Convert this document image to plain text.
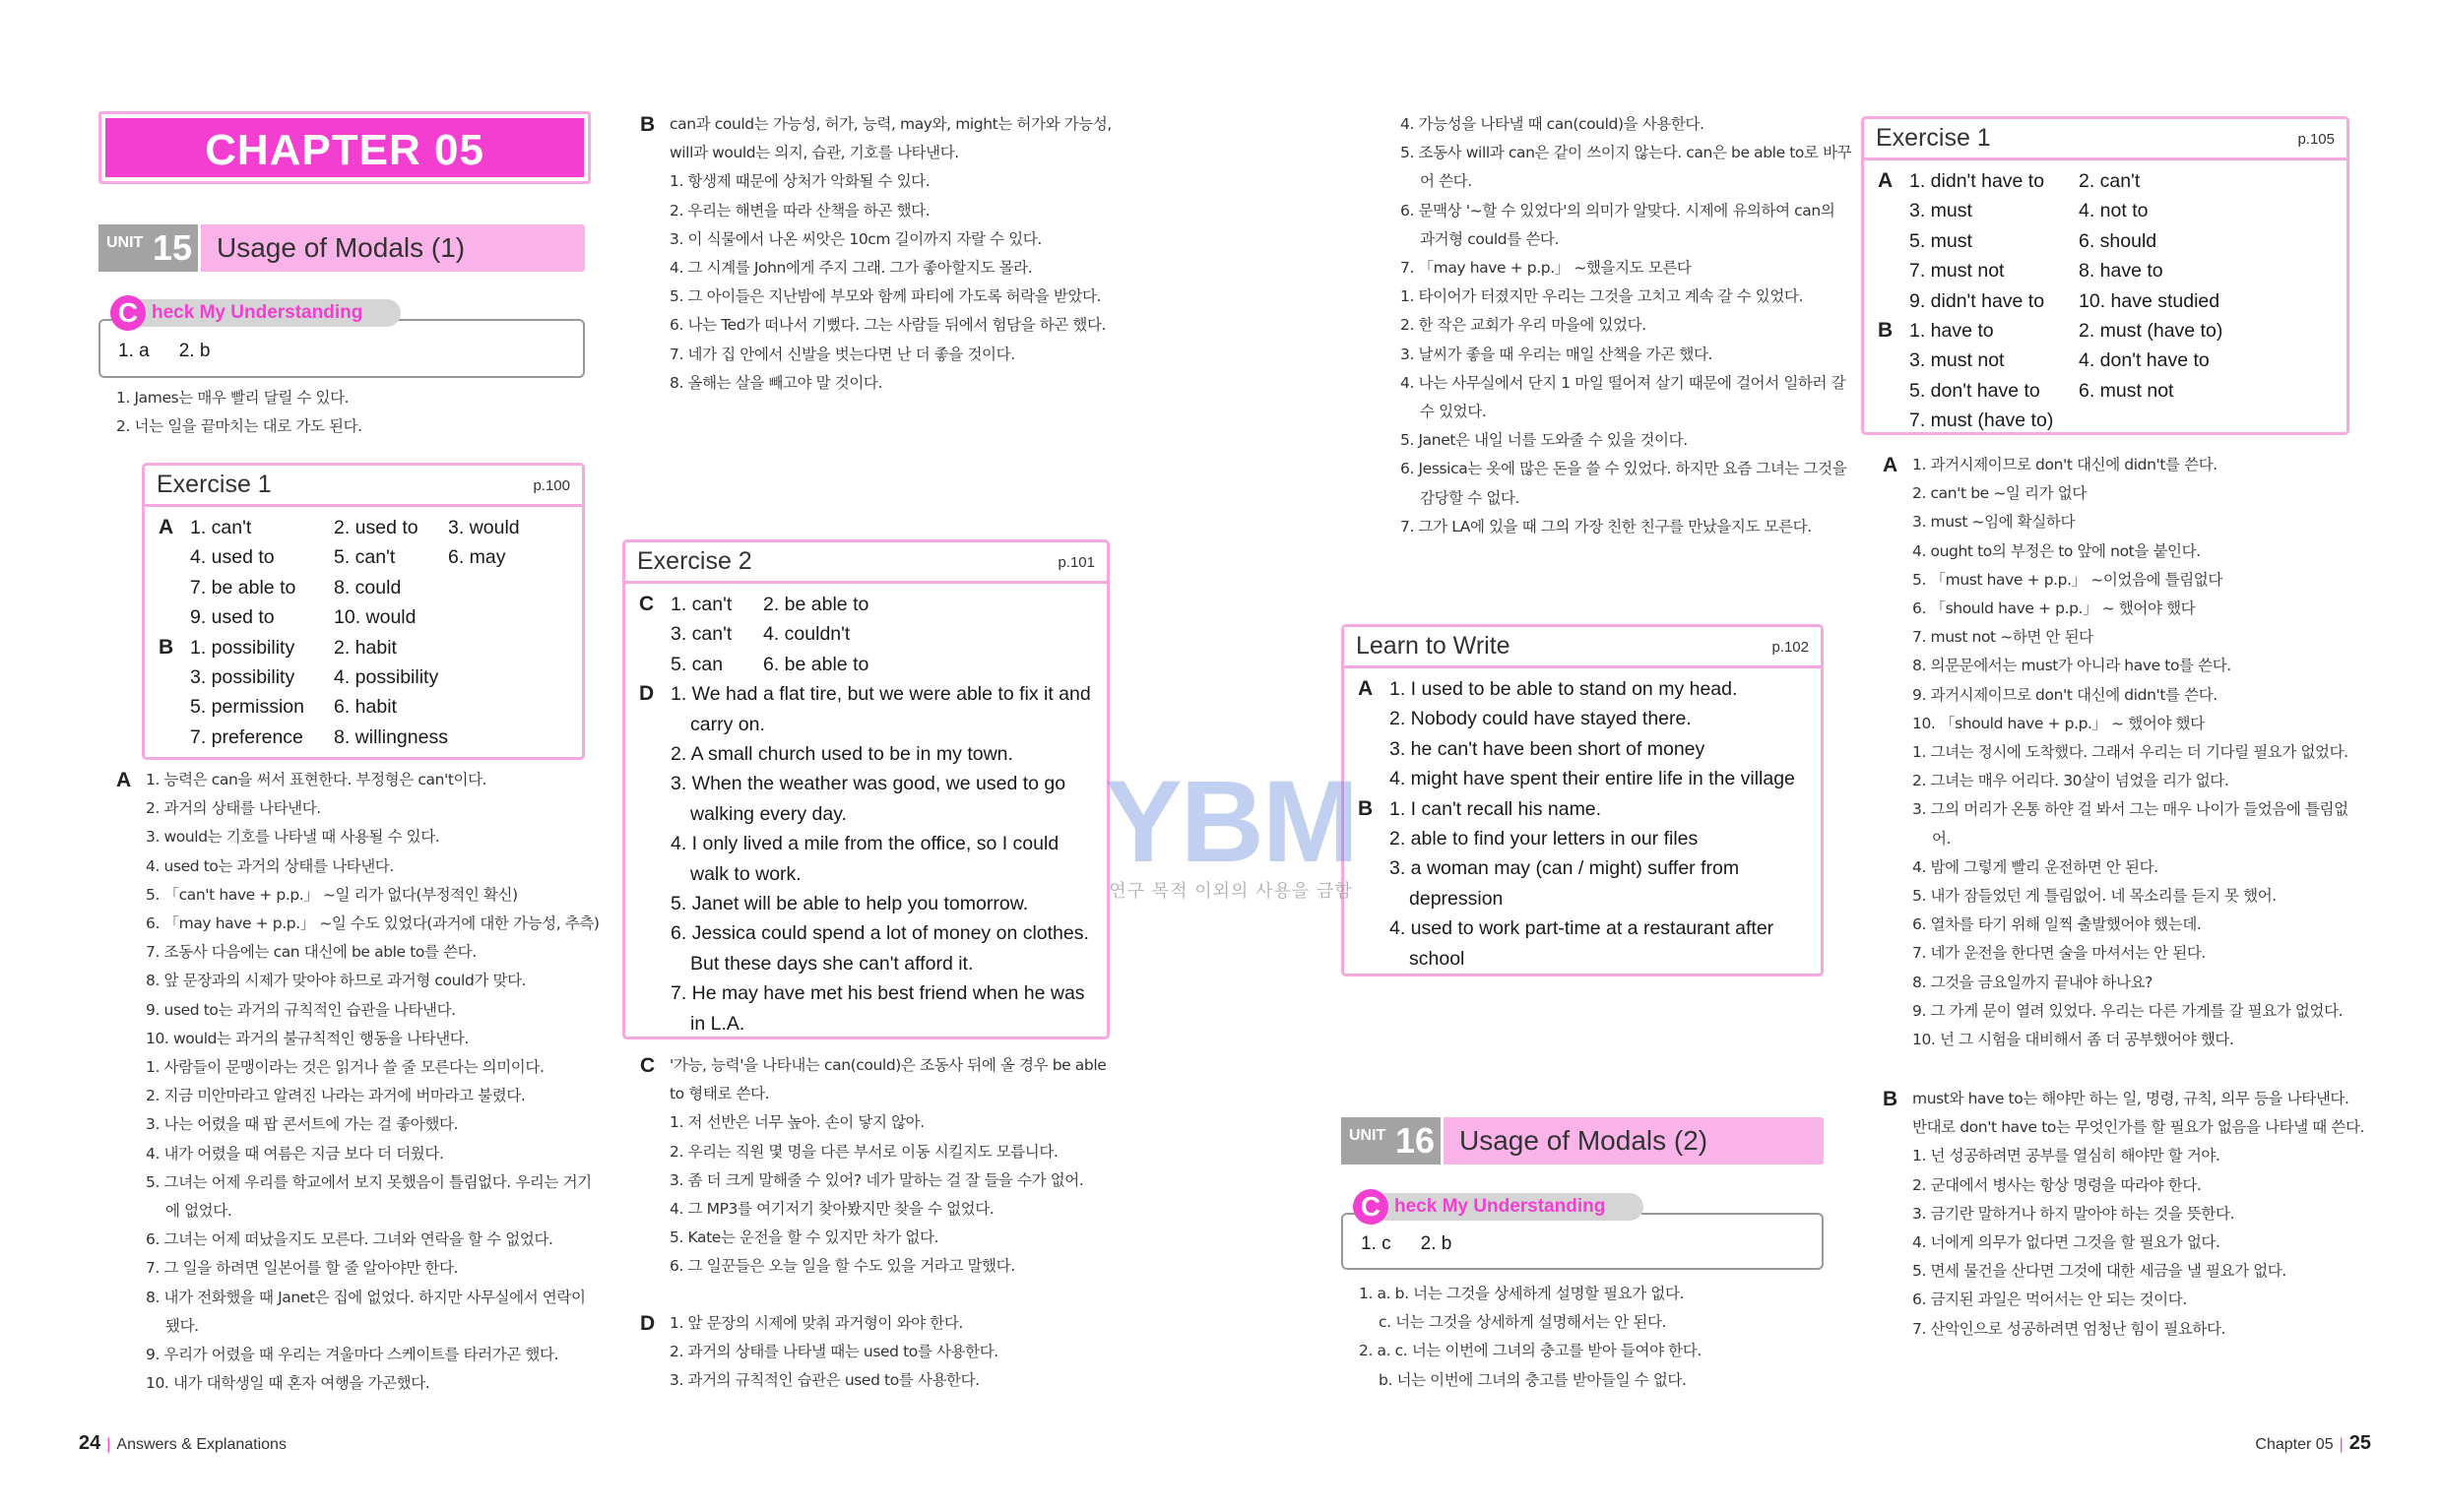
CHAPTER 05
UNIT 15 Usage of Modals (1)
C heck My Understanding
1. a 2. b
1. James는 매우 빨리 달릴 수 있다.
2. 너는 일을 끝마치는 대로 가도 된다.
Exercise 1	p.100
A 1. can't	2. used to 3. would
4. used to	5. can't	6. may
7. be able to 8. could
9. used to	10. would
B 1. possibility 2. habit
3. possibility 4. possibility
5. permission 6. habit
7. preference 8. willingness
A 1. 능력은 can을 써서 표현한다. 부정형은 can't이다.
2. 과거의 상태를 나타낸다.
3. would는 기호를 나타낼 때 사용될 수 있다.
4. used to는 과거의 상태를 나타낸다.
5. 「can't have + p.p.」 ~일 리가 없다(부정적인 확신)
6. 「may have + p.p.」 ~일 수도 있었다(과거에 대한 가능성, 추측)
7. 조동사 다음에는 can 대신에 be able to를 쓴다.
8. 앞 문장과의 시제가 맞아야 하므로 과거형 could가 맞다.
9. used to는 과거의 규칙적인 습관을 나타낸다.
10. would는 과거의 불규칙적인 행동을 나타낸다.
1. 사람들이 문맹이라는 것은 읽거나 쓸 줄 모른다는 의미이다.
2. 지금 미안마라고 알려진 나라는 과거에 버마라고 불렸다.
3. 나는 어렸을 때 팝 콘서트에 가는 걸 좋아했다.
4. 내가 어렸을 때 여름은 지금 보다 더 더웠다.
5. 그녀는 어제 우리를 학교에서 보지 못했음이 틀림없다. 우리는 거기에 없었다.
6. 그녀는 어제 떠났을지도 모른다. 그녀와 연락을 할 수 없었다.
7. 그 일을 하려면 일본어를 할 줄 알아야만 한다.
8. 내가 전화했을 때 Janet은 집에 없었다. 하지만 사무실에서 연락이 됐다.
9. 우리가 어렸을 때 우리는 겨울마다 스케이트를 타러가곤 했다.
10. 내가 대학생일 때 혼자 여행을 가곤했다.
B can과 could는 가능성, 허가, 능력, may와, might는 허가와 가능성, will과 would는 의지, 습관, 기호를 나타낸다.
1. 항생제 때문에 상처가 악화될 수 있다.
2. 우리는 해변을 따라 산책을 하곤 했다.
3. 이 식물에서 나온 씨앗은 10cm 길이까지 자랄 수 있다.
4. 그 시계를 John에게 주지 그래. 그가 좋아할지도 몰라.
5. 그 아이들은 지난밤에 부모와 함께 파티에 가도록 허락을 받았다.
6. 나는 Ted가 떠나서 기뻤다. 그는 사람들 뒤에서 험담을 하곤 했다.
7. 네가 집 안에서 신발을 벗는다면 난 더 좋을 것이다.
8. 올해는 살을 빼고야 말 것이다.
Exercise 2	p.101
C 1. can't 2. be able to
3. can't 4. couldn't
5. can 6. be able to
D 1. We had a flat tire, but we were able to fix it and carry on.
2. A small church used to be in my town.
3. When the weather was good, we used to go walking every day.
4. I only lived a mile from the office, so I could walk to work.
5. Janet will be able to help you tomorrow.
6. Jessica could spend a lot of money on clothes. But these days she can't afford it.
7. He may have met his best friend when he was in L.A.
C '가능, 능력'을 나타내는 can(could)은 조동사 뒤에 올 경우 be able to 형태로 쓴다.
1. 저 선반은 너무 높아. 손이 닿지 않아.
2. 우리는 직원 몇 명을 다른 부서로 이동 시킬지도 모릅니다.
3. 좀 더 크게 말해줄 수 있어? 네가 말하는 걸 잘 들을 수가 없어.
4. 그 MP3를 여기저기 찾아봤지만 찾을 수 없었다.
5. Kate는 운전을 할 수 있지만 차가 없다.
6. 그 일꾼들은 오늘 일을 할 수도 있을 거라고 말했다.
D 1. 앞 문장의 시제에 맞춰 과거형이 와야 한다.
2. 과거의 상태를 나타낼 때는 used to를 사용한다.
3. 과거의 규칙적인 습관은 used to를 사용한다.
24 | Answers & Explanations
4. 가능성을 나타낼 때 can(could)을 사용한다.
5. 조동사 will과 can은 같이 쓰이지 않는다. can은 be able to로 바꾸어 쓴다.
6. 문맥상 '~할 수 있었다'의 의미가 알맞다. 시제에 유의하여 can의 과거형 could를 쓴다.
7. 「may have + p.p.」 ~했을지도 모른다
1. 타이어가 터졌지만 우리는 그것을 고치고 계속 갈 수 있었다.
2. 한 작은 교회가 우리 마을에 있었다.
3. 날씨가 좋을 때 우리는 매일 산책을 가곤 했다.
4. 나는 사무실에서 단지 1 마일 떨어져 살기 때문에 걸어서 일하러 갈 수 있었다.
5. Janet은 내일 너를 도와줄 수 있을 것이다.
6. Jessica는 옷에 많은 돈을 쓸 수 있었다. 하지만 요즘 그녀는 그것을 감당할 수 없다.
7. 그가 LA에 있을 때 그의 가장 친한 친구를 만났을지도 모른다.
Learn to Write	p.102
A 1. I used to be able to stand on my head.
2. Nobody could have stayed there.
3. he can't have been short of money
4. might have spent their entire life in the village
B 1. I can't recall his name.
2. able to find your letters in our files
3. a woman may (can / might) suffer from depression
4. used to work part-time at a restaurant after school
UNIT 16 Usage of Modals (2)
C heck My Understanding
1. c 2. b
1. a. b. 너는 그것을 상세하게 설명할 필요가 없다.
c. 너는 그것을 상세하게 설명해서는 안 된다.
2. a. c. 너는 이번에 그녀의 충고를 받아 들여야 한다.
b. 너는 이번에 그녀의 충고를 받아들일 수 없다.
Exercise 1	p.105
A 1. didn't have to 2. can't
3. must	4. not to
5. must	6. should
7. must not	8. have to
9. didn't have to 10. have studied
B 1. have to	2. must (have to)
3. must not	4. don't have to
5. don't have to 6. must not
7. must (have to)
A 1. 과거시제이므로 don't 대신에 didn't를 쓴다.
2. can't be ~일 리가 없다
3. must ~임에 확실하다
4. ought to의 부정은 to 앞에 not을 붙인다.
5. 「must have + p.p.」 ~이었음에 틀림없다
6. 「should have + p.p.」 ~ 했어야 했다
7. must not ~하면 안 된다
8. 의문문에서는 must가 아니라 have to를 쓴다.
9. 과거시제이므로 don't 대신에 didn't를 쓴다.
10. 「should have + p.p.」 ~ 했어야 했다
1. 그녀는 정시에 도착했다. 그래서 우리는 더 기다릴 필요가 없었다.
2. 그녀는 매우 어리다. 30살이 넘었을 리가 없다.
3. 그의 머리가 온통 하얀 걸 봐서 그는 매우 나이가 들었음에 틀림없어.
4. 밤에 그렇게 빨리 운전하면 안 된다.
5. 내가 잠들었던 게 틀림없어. 네 목소리를 듣지 못 했어.
6. 열차를 타기 위해 일찍 출발했어야 했는데.
7. 네가 운전을 한다면 술을 마셔서는 안 된다.
8. 그것을 금요일까지 끝내야 하나요?
9. 그 가게 문이 열려 있었다. 우리는 다른 가게를 갈 필요가 없었다.
10. 넌 그 시험을 대비해서 좀 더 공부했어야 했다.
B must와 have to는 해야만 하는 일, 명령, 규칙, 의무 등을 나타낸다. 반대로 don't have to는 무엇인가를 할 필요가 없음을 나타낼 때 쓴다.
1. 넌 성공하려면 공부를 열심히 해야만 할 거야.
2. 군대에서 병사는 항상 명령을 따라야 한다.
3. 금기란 말하거나 하지 말아야 하는 것을 뜻한다.
4. 너에게 의무가 없다면 그것을 할 필요가 없다.
5. 면세 물건을 산다면 그것에 대한 세금을 낼 필요가 없다.
6. 금지된 과일은 먹어서는 안 되는 것이다.
7. 산악인으로 성공하려면 엄청난 힘이 필요하다.
Chapter 05 | 25
YBM
연구 목적 이외의 사용을 금함
